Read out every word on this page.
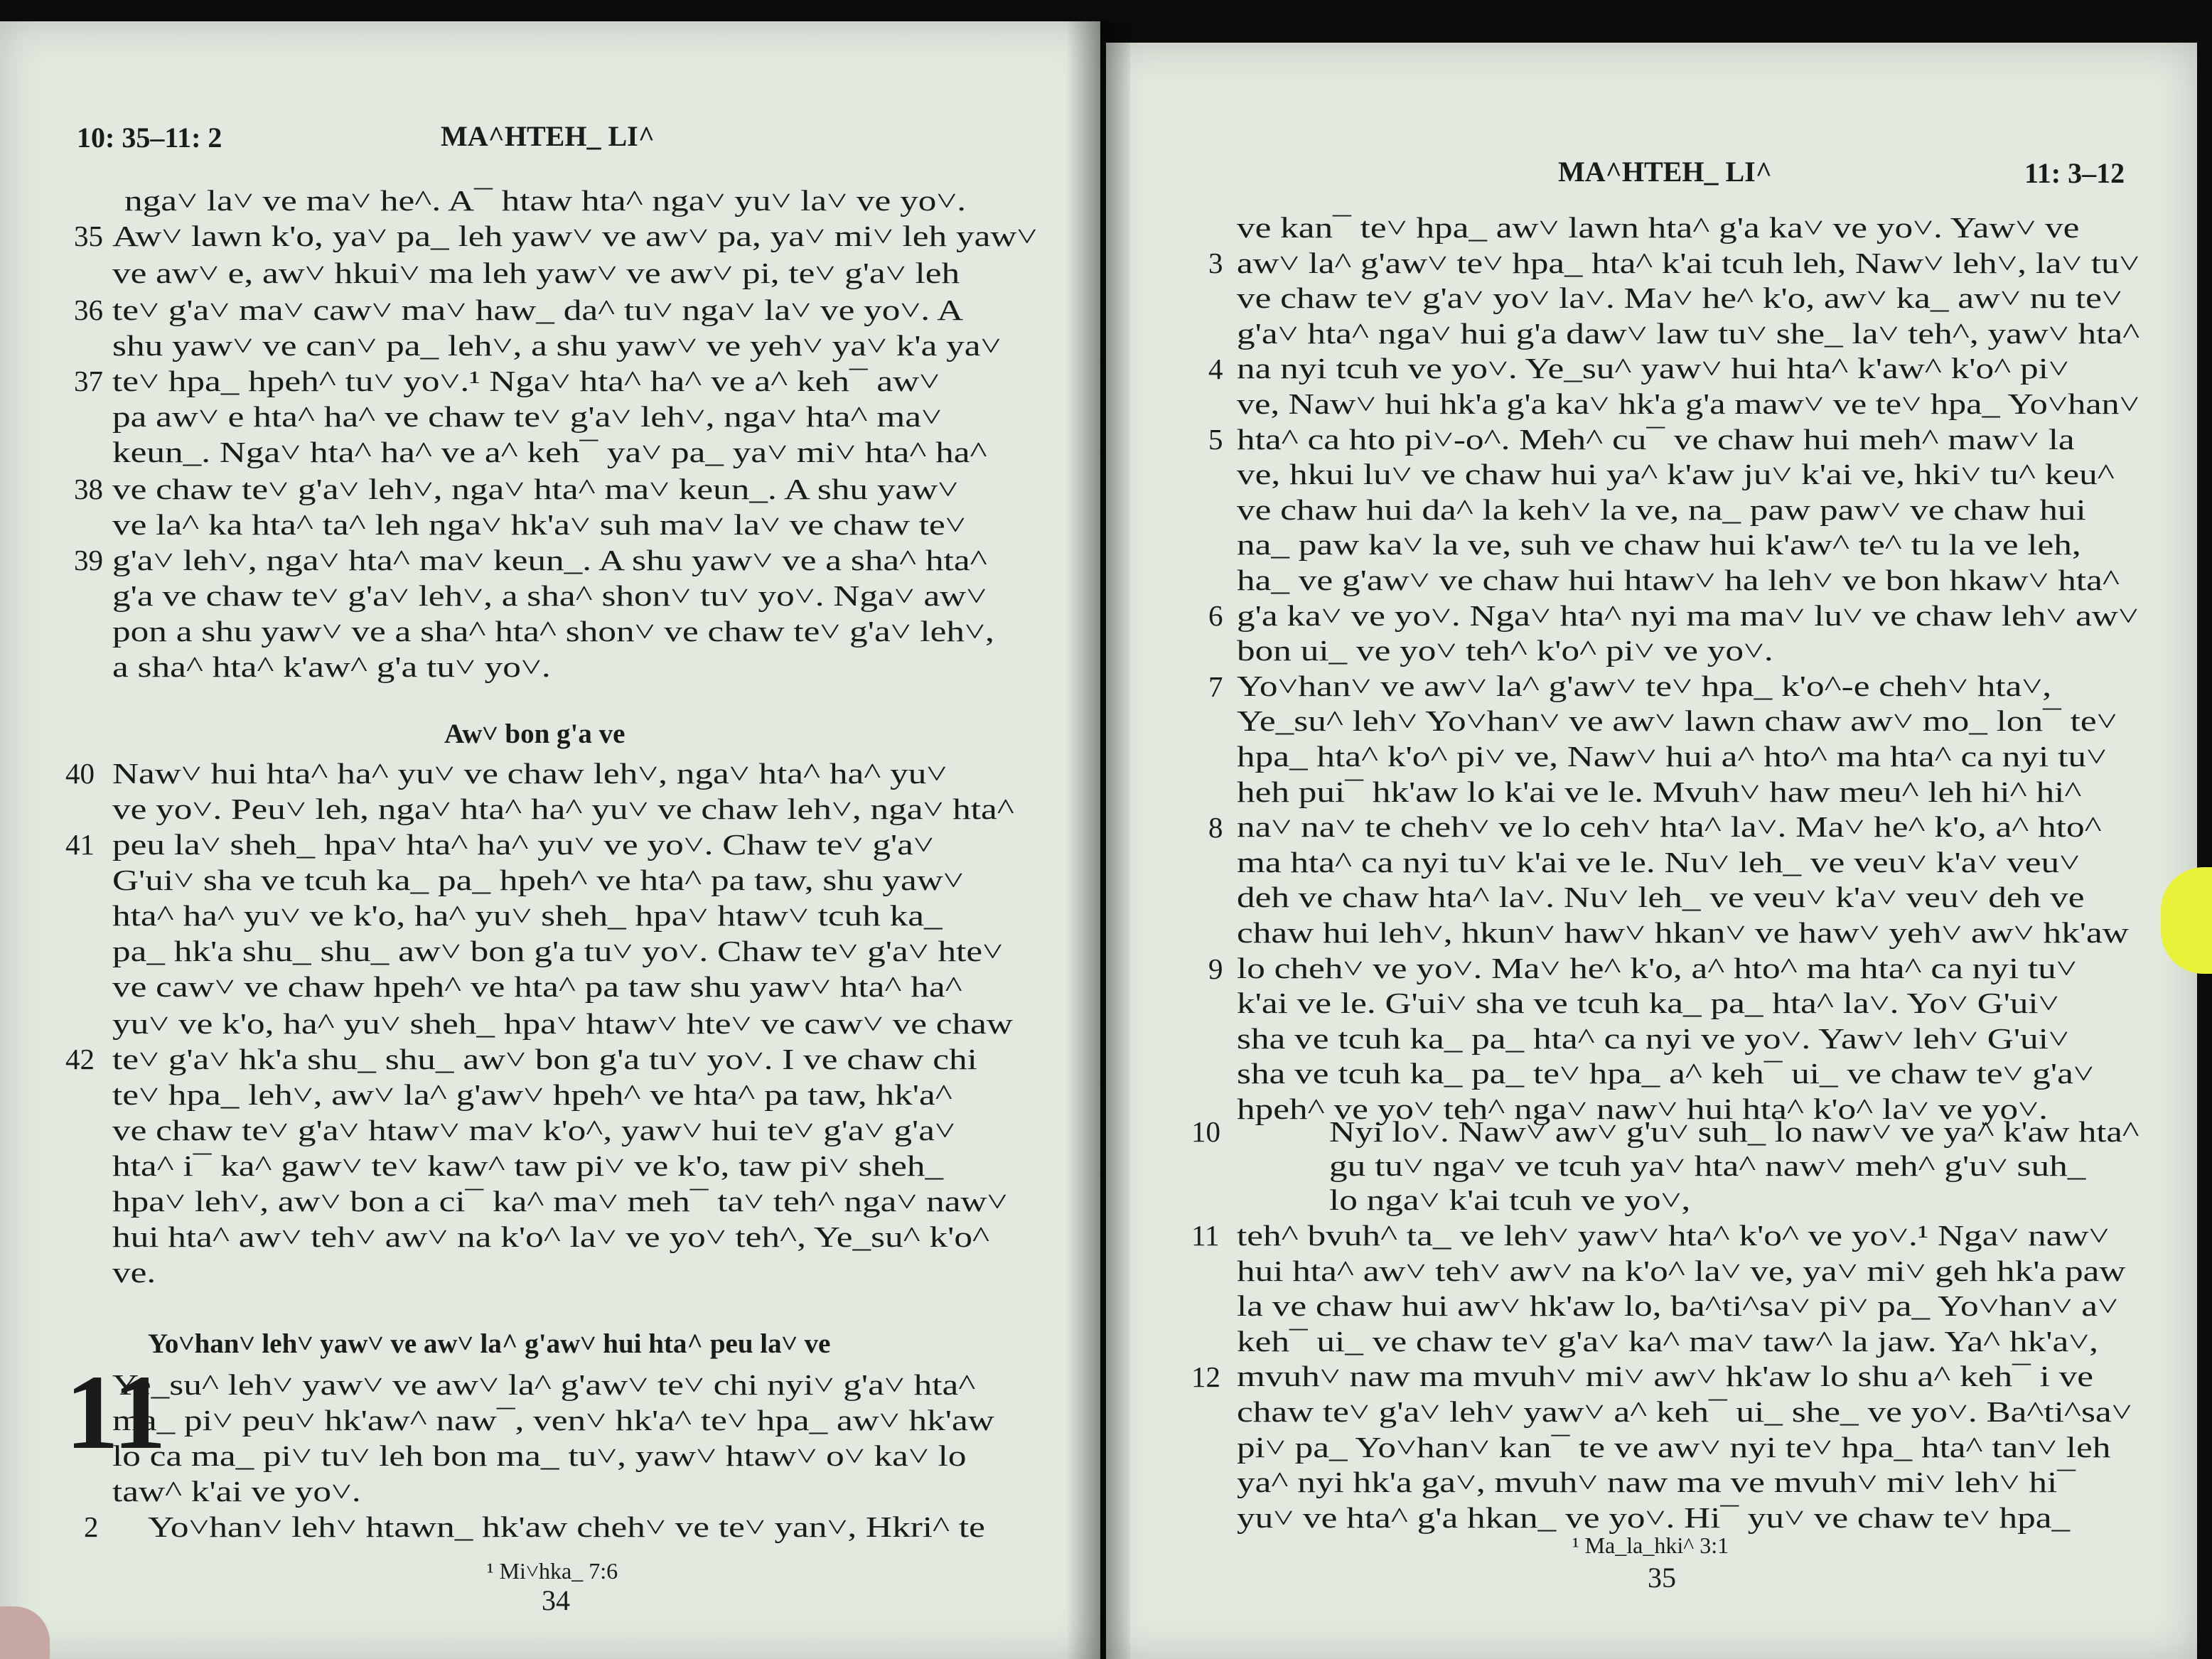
10: 35–11: 2	MA^HTEH_ LI^
nga˅ la˅ ve ma˅ he^. A¯ htaw hta^ nga˅ yu˅ la˅ ve yo˅.
Aw˅ lawn k'o, ya˅ pa_ leh yaw˅ ve aw˅ pa, ya˅ mi˅ leh yaw˅
ve aw˅ e, aw˅ hkui˅ ma leh yaw˅ ve aw˅ pi, te˅ g'a˅ leh
te˅ g'a˅ ma˅ caw˅ ma˅ haw_ da^ tu˅ nga˅ la˅ ve yo˅. A
shu yaw˅ ve can˅ pa_ leh˅, a shu yaw˅ ve yeh˅ ya˅ k'a ya˅
te˅ hpa_ hpeh^ tu˅ yo˅.¹ Nga˅ hta^ ha^ ve a^ keh¯ aw˅
pa aw˅ e hta^ ha^ ve chaw te˅ g'a˅ leh˅, nga˅ hta^ ma˅
keun_. Nga˅ hta^ ha^ ve a^ keh¯ ya˅ pa_ ya˅ mi˅ hta^ ha^
ve chaw te˅ g'a˅ leh˅, nga˅ hta^ ma˅ keun_. A shu yaw˅
ve la^ ka hta^ ta^ leh nga˅ hk'a˅ suh ma˅ la˅ ve chaw te˅
g'a˅ leh˅, nga˅ hta^ ma˅ keun_. A shu yaw˅ ve a sha^ hta^
g'a ve chaw te˅ g'a˅ leh˅, a sha^ shon˅ tu˅ yo˅. Nga˅ aw˅
pon a shu yaw˅ ve a sha^ hta^ shon˅ ve chaw te˅ g'a˅ leh˅,
a sha^ hta^ k'aw^ g'a tu˅ yo˅.
Naw˅ hui hta^ ha^ yu˅ ve chaw leh˅, nga˅ hta^ ha^ yu˅
ve yo˅. Peu˅ leh, nga˅ hta^ ha^ yu˅ ve chaw leh˅, nga˅ hta^
peu la˅ sheh_ hpa˅ hta^ ha^ yu˅ ve yo˅. Chaw te˅ g'a˅
G'ui˅ sha ve tcuh ka_ pa_ hpeh^ ve hta^ pa taw, shu yaw˅
hta^ ha^ yu˅ ve k'o, ha^ yu˅ sheh_ hpa˅ htaw˅ tcuh ka_
pa_ hk'a shu_ shu_ aw˅ bon g'a tu˅ yo˅. Chaw te˅ g'a˅ hte˅
ve caw˅ ve chaw hpeh^ ve hta^ pa taw shu yaw˅ hta^ ha^
yu˅ ve k'o, ha^ yu˅ sheh_ hpa˅ htaw˅ hte˅ ve caw˅ ve chaw
te˅ g'a˅ hk'a shu_ shu_ aw˅ bon g'a tu˅ yo˅. I ve chaw chi
te˅ hpa_ leh˅, aw˅ la^ g'aw˅ hpeh^ ve hta^ pa taw, hk'a^
ve chaw te˅ g'a˅ htaw˅ ma˅ k'o^, yaw˅ hui te˅ g'a˅ g'a˅
hta^ i¯ ka^ gaw˅ te˅ kaw^ taw pi˅ ve k'o, taw pi˅ sheh_
hpa˅ leh˅, aw˅ bon a ci¯ ka^ ma˅ meh¯ ta˅ teh^ nga˅ naw˅
hui hta^ aw˅ teh˅ aw˅ na k'o^ la˅ ve yo˅ teh^, Ye_su^ k'o^
ve.
Ye_su^ leh˅ yaw˅ ve aw˅ la^ g'aw˅ te˅ chi nyi˅ g'a˅ hta^
ma_ pi˅ peu˅ hk'aw^ naw¯, ven˅ hk'a^ te˅ hpa_ aw˅ hk'aw
lo ca ma_ pi˅ tu˅ leh bon ma_ tu˅, yaw˅ htaw˅ o˅ ka˅ lo
taw^ k'ai ve yo˅.
Yo˅han˅ leh˅ htawn_ hk'aw cheh˅ ve te˅ yan˅, Hkri^ te
35
36
37
38
39
40
41
42
2
Aw˅ bon g'a ve
Yo˅han˅ leh˅ yaw˅ ve aw˅ la^ g'aw˅ hui hta^ peu la˅ ve
11
¹ Mi˅hka_ 7:6
34
MA^HTEH_ LI^	11: 3–12
ve kan¯ te˅ hpa_ aw˅ lawn hta^ g'a ka˅ ve yo˅. Yaw˅ ve
aw˅ la^ g'aw˅ te˅ hpa_ hta^ k'ai tcuh leh, Naw˅ leh˅, la˅ tu˅
ve chaw te˅ g'a˅ yo˅ la˅. Ma˅ he^ k'o, aw˅ ka_ aw˅ nu te˅
g'a˅ hta^ nga˅ hui g'a daw˅ law tu˅ she_ la˅ teh^, yaw˅ hta^
na nyi tcuh ve yo˅. Ye_su^ yaw˅ hui hta^ k'aw^ k'o^ pi˅
ve, Naw˅ hui hk'a g'a ka˅ hk'a g'a maw˅ ve te˅ hpa_ Yo˅han˅
hta^ ca hto pi˅-o^. Meh^ cu¯ ve chaw hui meh^ maw˅ la
ve, hkui lu˅ ve chaw hui ya^ k'aw ju˅ k'ai ve, hki˅ tu^ keu^
ve chaw hui da^ la keh˅ la ve, na_ paw paw˅ ve chaw hui
na_ paw ka˅ la ve, suh ve chaw hui k'aw^ te^ tu la ve leh,
ha_ ve g'aw˅ ve chaw hui htaw˅ ha leh˅ ve bon hkaw˅ hta^
g'a ka˅ ve yo˅. Nga˅ hta^ nyi ma ma˅ lu˅ ve chaw leh˅ aw˅
bon ui_ ve yo˅ teh^ k'o^ pi˅ ve yo˅.
Yo˅han˅ ve aw˅ la^ g'aw˅ te˅ hpa_ k'o^-e cheh˅ hta˅,
Ye_su^ leh˅ Yo˅han˅ ve aw˅ lawn chaw aw˅ mo_ lon¯ te˅
hpa_ hta^ k'o^ pi˅ ve, Naw˅ hui a^ hto^ ma hta^ ca nyi tu˅
heh pui¯ hk'aw lo k'ai ve le. Mvuh˅ haw meu^ leh hi^ hi^
na˅ na˅ te cheh˅ ve lo ceh˅ hta^ la˅. Ma˅ he^ k'o, a^ hto^
ma hta^ ca nyi tu˅ k'ai ve le. Nu˅ leh_ ve veu˅ k'a˅ veu˅
deh ve chaw hta^ la˅. Nu˅ leh_ ve veu˅ k'a˅ veu˅ deh ve
chaw hui leh˅, hkun˅ haw˅ hkan˅ ve haw˅ yeh˅ aw˅ hk'aw
lo cheh˅ ve yo˅. Ma˅ he^ k'o, a^ hto^ ma hta^ ca nyi tu˅
k'ai ve le. G'ui˅ sha ve tcuh ka_ pa_ hta^ la˅. Yo˅ G'ui˅
sha ve tcuh ka_ pa_ hta^ ca nyi ve yo˅. Yaw˅ leh˅ G'ui˅
sha ve tcuh ka_ pa_ te˅ hpa_ a^ keh¯ ui_ ve chaw te˅ g'a˅
hpeh^ ve yo˅ teh^ nga˅ naw˅ hui hta^ k'o^ la˅ ve yo˅.
Nyi lo˅. Naw˅ aw˅ g'u˅ suh_ lo naw˅ ve ya^ k'aw hta^
gu tu˅ nga˅ ve tcuh ya˅ hta^ naw˅ meh^ g'u˅ suh_
lo nga˅ k'ai tcuh ve yo˅,
teh^ bvuh^ ta_ ve leh˅ yaw˅ hta^ k'o^ ve yo˅.¹ Nga˅ naw˅
hui hta^ aw˅ teh˅ aw˅ na k'o^ la˅ ve, ya˅ mi˅ geh hk'a paw
la ve chaw hui aw˅ hk'aw lo, ba^ti^sa˅ pi˅ pa_ Yo˅han˅ a˅
keh¯ ui_ ve chaw te˅ g'a˅ ka^ ma˅ taw^ la jaw. Ya^ hk'a˅,
mvuh˅ naw ma mvuh˅ mi˅ aw˅ hk'aw lo shu a^ keh¯ i ve
chaw te˅ g'a˅ leh˅ yaw˅ a^ keh¯ ui_ she_ ve yo˅. Ba^ti^sa˅
pi˅ pa_ Yo˅han˅ kan¯ te ve aw˅ nyi te˅ hpa_ hta^ tan˅ leh
ya^ nyi hk'a ga˅, mvuh˅ naw ma ve mvuh˅ mi˅ leh˅ hi¯
yu˅ ve hta^ g'a hkan_ ve yo˅. Hi¯ yu˅ ve chaw te˅ hpa_
3
4
5
6
7
8
9
10
11
12
¹ Ma_la_hki^ 3:1
35
